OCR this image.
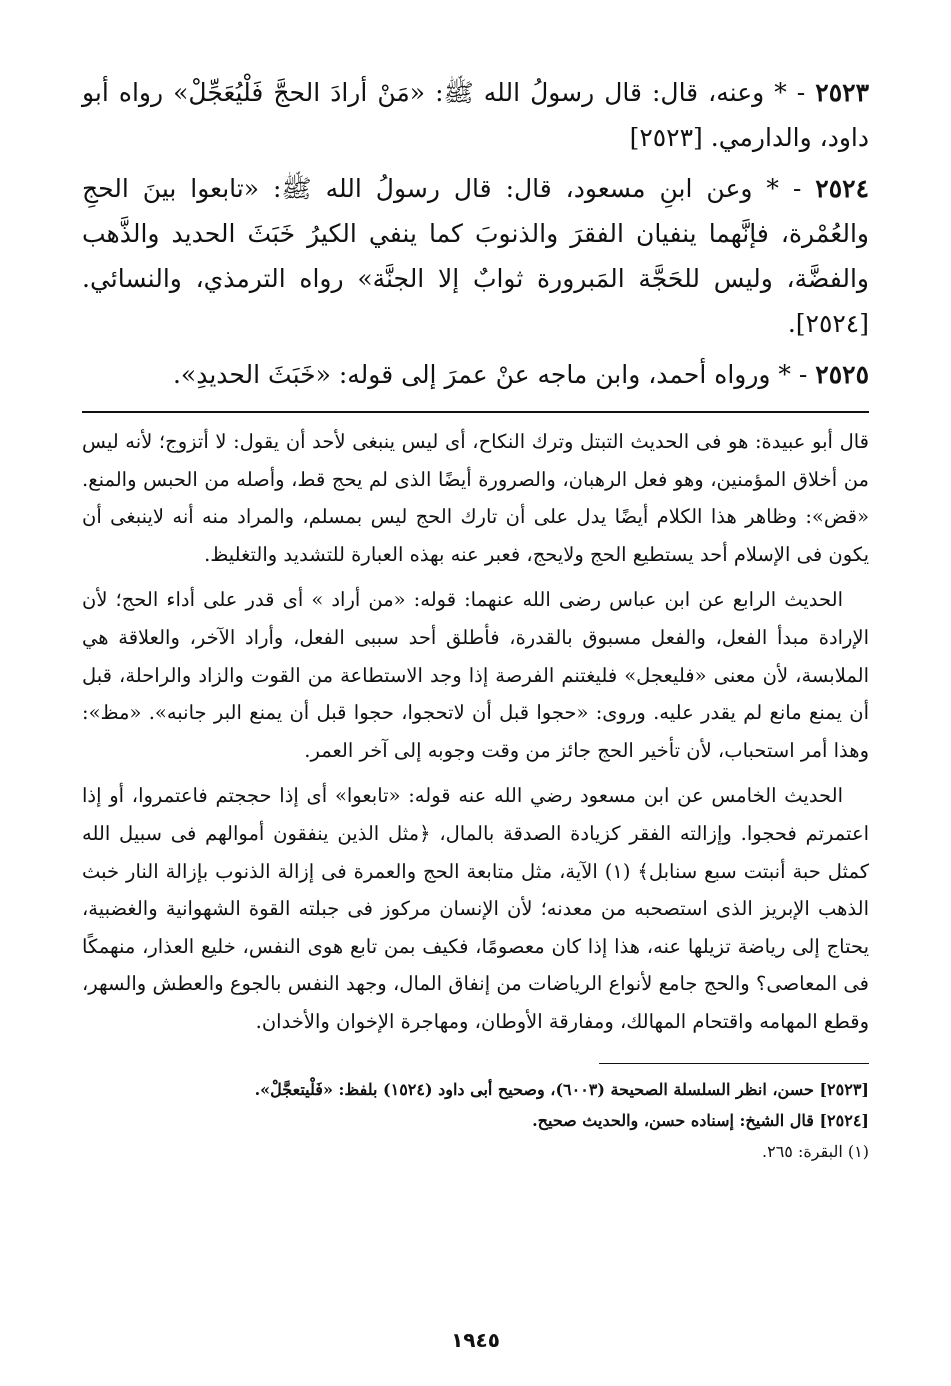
٢٥٢٣ - * وعنه، قال: قال رسولُ الله ﷺ: «مَنْ أرادَ الحجَّ فَلْيُعَجِّلْ» رواه أبو داود، والدارمي. [٢٥٢٣]

٢٥٢٤ - * وعن ابنِ مسعود، قال: قال رسولُ الله ﷺ: «تابعوا بينَ الحجِ والعُمْرة، فإنَّهما ينفيان الفقرَ والذنوبَ كما ينفي الكيرُ خَبَثَ الحديد والذَّهب والفضَّة، وليس للحَجَّة المَبرورة ثوابٌ إلا الجنَّة» رواه الترمذي، والنسائي. [٢٥٢٤].

٢٥٢٥ - * ورواه أحمد، وابن ماجه عنْ عمرَ إلى قوله: «خَبَثَ الحديدِ».

قال أبو عبيدة: هو فى الحديث التبتل وترك النكاح، أى ليس ينبغى لأحد أن يقول: لا أتزوج؛ لأنه ليس من أخلاق المؤمنين، وهو فعل الرهبان، والصرورة أيضًا الذى لم يحج قط، وأصله من الحبس والمنع. «قض»: وظاهر هذا الكلام أيضًا يدل على أن تارك الحج ليس بمسلم، والمراد منه أنه لاينبغى أن يكون فى الإسلام أحد يستطيع الحج ولايحج، فعبر عنه بهذه العبارة للتشديد والتغليظ.

الحديث الرابع عن ابن عباس رضى الله عنهما: قوله: «من أراد » أى قدر على أداء الحج؛ لأن الإرادة مبدأ الفعل، والفعل مسبوق بالقدرة، فأطلق أحد سببى الفعل، وأراد الآخر، والعلاقة هي الملابسة، لأن معنى «فليعجل» فليغتنم الفرصة إذا وجد الاستطاعة من القوت والزاد والراحلة، قبل أن يمنع مانع لم يقدر عليه. وروى: «حجوا قبل أن لاتحجوا، حجوا قبل أن يمنع البر جانبه». «مظ»: وهذا أمر استحباب، لأن تأخير الحج جائز من وقت وجوبه إلى آخر العمر.

الحديث الخامس عن ابن مسعود رضي الله عنه قوله: «تابعوا» أى إذا حججتم فاعتمروا، أو إذا اعتمرتم فحجوا. وإزالته الفقر كزيادة الصدقة بالمال، ﴿مثل الذين ينفقون أموالهم فى سبيل الله كمثل حبة أنبتت سبع سنابل﴾ (١) الآية، مثل متابعة الحج والعمرة فى إزالة الذنوب بإزالة النار خبث الذهب الإبريز الذى استصحبه من معدنه؛ لأن الإنسان مركوز فى جبلته القوة الشهوانية والغضبية، يحتاج إلى رياضة تزيلها عنه، هذا إذا كان معصومًا، فكيف بمن تابع هوى النفس، خليع العذار، منهمكًا فى المعاصى؟ والحج جامع لأنواع الرياضات من إنفاق المال، وجهد النفس بالجوع والعطش والسهر، وقطع المهامه واقتحام المهالك، ومفارقة الأوطان، ومهاجرة الإخوان والأخدان.

[٢٥٢٣] حسن، انظر السلسلة الصحيحة (٦٠٠٣)، وصحيح أبى داود (١٥٢٤) بلفظ: «فَلْيتعجَّلْ».

[٢٥٢٤] قال الشيخ: إسناده حسن، والحديث صحيح.

(١) البقرة: ٢٦٥.

١٩٤٥
